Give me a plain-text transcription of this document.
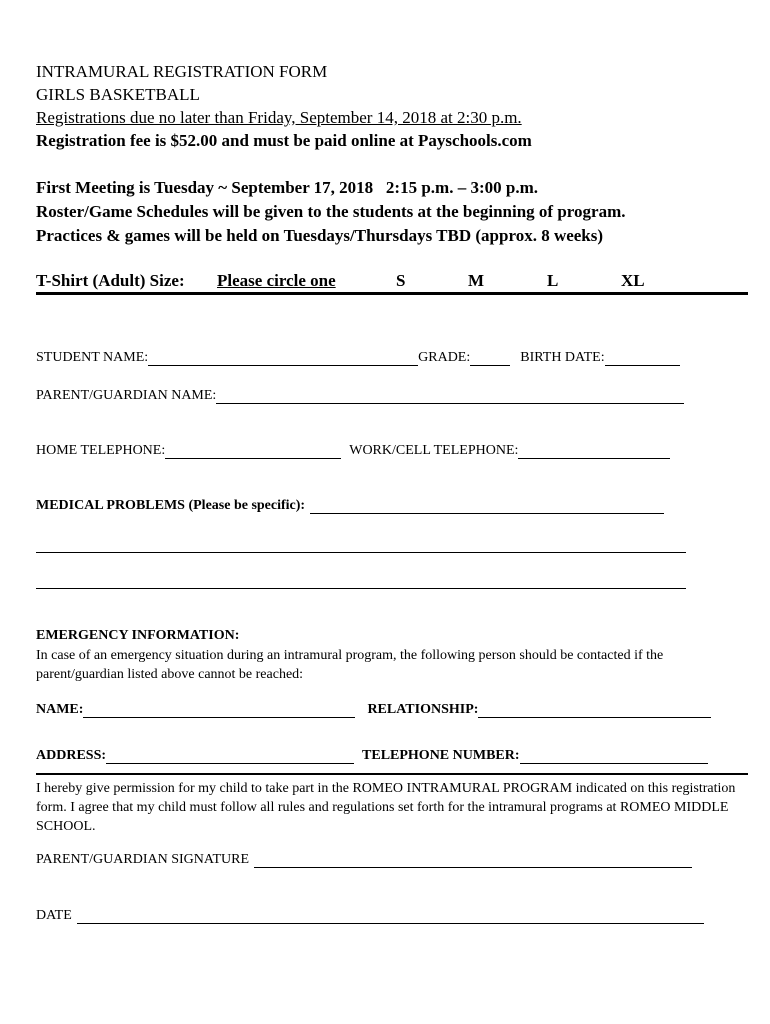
INTRAMURAL REGISTRATION FORM
GIRLS BASKETBALL
Registrations due no later than Friday, September 14, 2018 at 2:30 p.m.
Registration fee is $52.00 and must be paid online at Payschools.com
First Meeting is Tuesday ~ September 17, 2018   2:15 p.m. – 3:00 p.m.
Roster/Game Schedules will be given to the students at the beginning of program.
Practices & games will be held on Tuesdays/Thursdays TBD (approx. 8 weeks)
T-Shirt (Adult) Size: Please circle one	S	M	L	XL
STUDENT NAME:	GRADE:	BIRTH DATE:
PARENT/GUARDIAN NAME:
HOME TELEPHONE:	WORK/CELL TELEPHONE:
MEDICAL PROBLEMS (Please be specific):
EMERGENCY INFORMATION:
In case of an emergency situation during an intramural program, the following person should be contacted if the parent/guardian listed above cannot be reached:
NAME:	RELATIONSHIP:
ADDRESS:	TELEPHONE NUMBER:
I hereby give permission for my child to take part in the ROMEO INTRAMURAL PROGRAM indicated on this registration form. I agree that my child must follow all rules and regulations set forth for the intramural programs at ROMEO MIDDLE SCHOOL.
PARENT/GUARDIAN SIGNATURE
DATE
